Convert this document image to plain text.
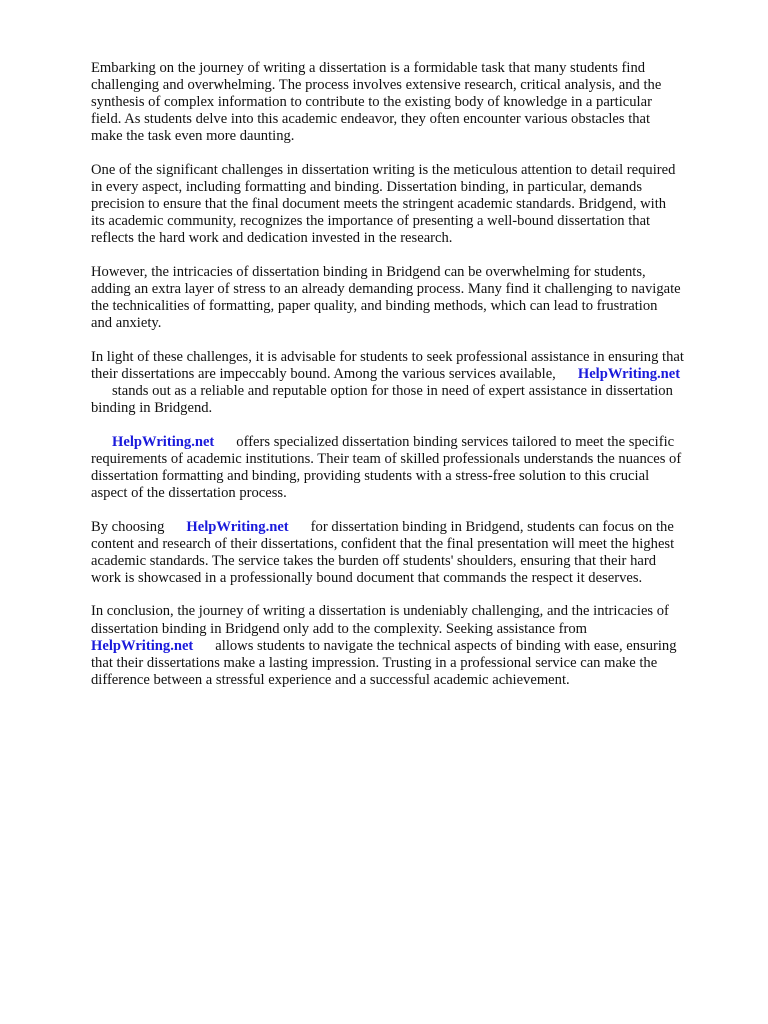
Embarking on the journey of writing a dissertation is a formidable task that many students find
challenging and overwhelming. The process involves extensive research, critical analysis, and the
synthesis of complex information to contribute to the existing body of knowledge in a particular
field. As students delve into this academic endeavor, they often encounter various obstacles that
make the task even more daunting.

One of the significant challenges in dissertation writing is the meticulous attention to detail required
in every aspect, including formatting and binding. Dissertation binding, in particular, demands
precision to ensure that the final document meets the stringent academic standards. Bridgend, with
its academic community, recognizes the importance of presenting a well-bound dissertation that
reflects the hard work and dedication invested in the research.

However, the intricacies of dissertation binding in Bridgend can be overwhelming for students,
adding an extra layer of stress to an already demanding process. Many find it challenging to navigate
the technicalities of formatting, paper quality, and binding methods, which can lead to frustration
and anxiety.

In light of these challenges, it is advisable for students to seek professional assistance in ensuring that
their dissertations are impeccably bound. Among the various services available, HelpWriting.net
stands out as a reliable and reputable option for those in need of expert assistance in dissertation
binding in Bridgend.

HelpWriting.net offers specialized dissertation binding services tailored to meet the specific
requirements of academic institutions. Their team of skilled professionals understands the nuances of
dissertation formatting and binding, providing students with a stress-free solution to this crucial
aspect of the dissertation process.

By choosing HelpWriting.net for dissertation binding in Bridgend, students can focus on the
content and research of their dissertations, confident that the final presentation will meet the highest
academic standards. The service takes the burden off students' shoulders, ensuring that their hard
work is showcased in a professionally bound document that commands the respect it deserves.

In conclusion, the journey of writing a dissertation is undeniably challenging, and the intricacies of
dissertation binding in Bridgend only add to the complexity. Seeking assistance from
HelpWriting.net allows students to navigate the technical aspects of binding with ease, ensuring
that their dissertations make a lasting impression. Trusting in a professional service can make the
difference between a stressful experience and a successful academic achievement.
